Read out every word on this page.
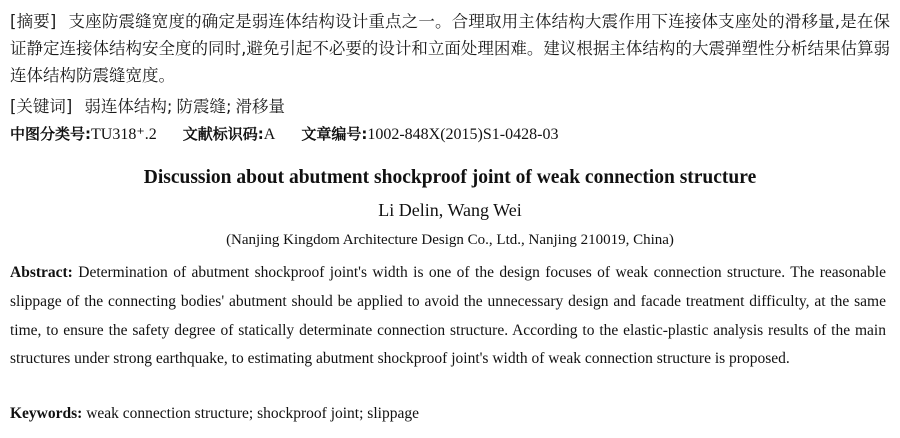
[摘要] 支座防震缝宽度的确定是弱连体结构设计重点之一。合理取用主体结构大震作用下连接体支座处的滑移量,是在保证静定连接体结构安全度的同时,避免引起不必要的设计和立面处理困难。建议根据主体结构的大震弹塑性分析结果估算弱连体结构防震缝宽度。
[关键词] 弱连体结构; 防震缝; 滑移量
中图分类号:TU318⁺.2 文献标识码:A 文章编号:1002-848X(2015)S1-0428-03
Discussion about abutment shockproof joint of weak connection structure
Li Delin, Wang Wei
(Nanjing Kingdom Architecture Design Co., Ltd., Nanjing 210019, China)
Abstract: Determination of abutment shockproof joint's width is one of the design focuses of weak connection structure. The reasonable slippage of the connecting bodies' abutment should be applied to avoid the unnecessary design and facade treatment difficulty, at the same time, to ensure the safety degree of statically determinate connection structure. According to the elastic-plastic analysis results of the main structures under strong earthquake, to estimating abutment shockproof joint's width of weak connection structure is proposed.
Keywords: weak connection structure; shockproof joint; slippage
